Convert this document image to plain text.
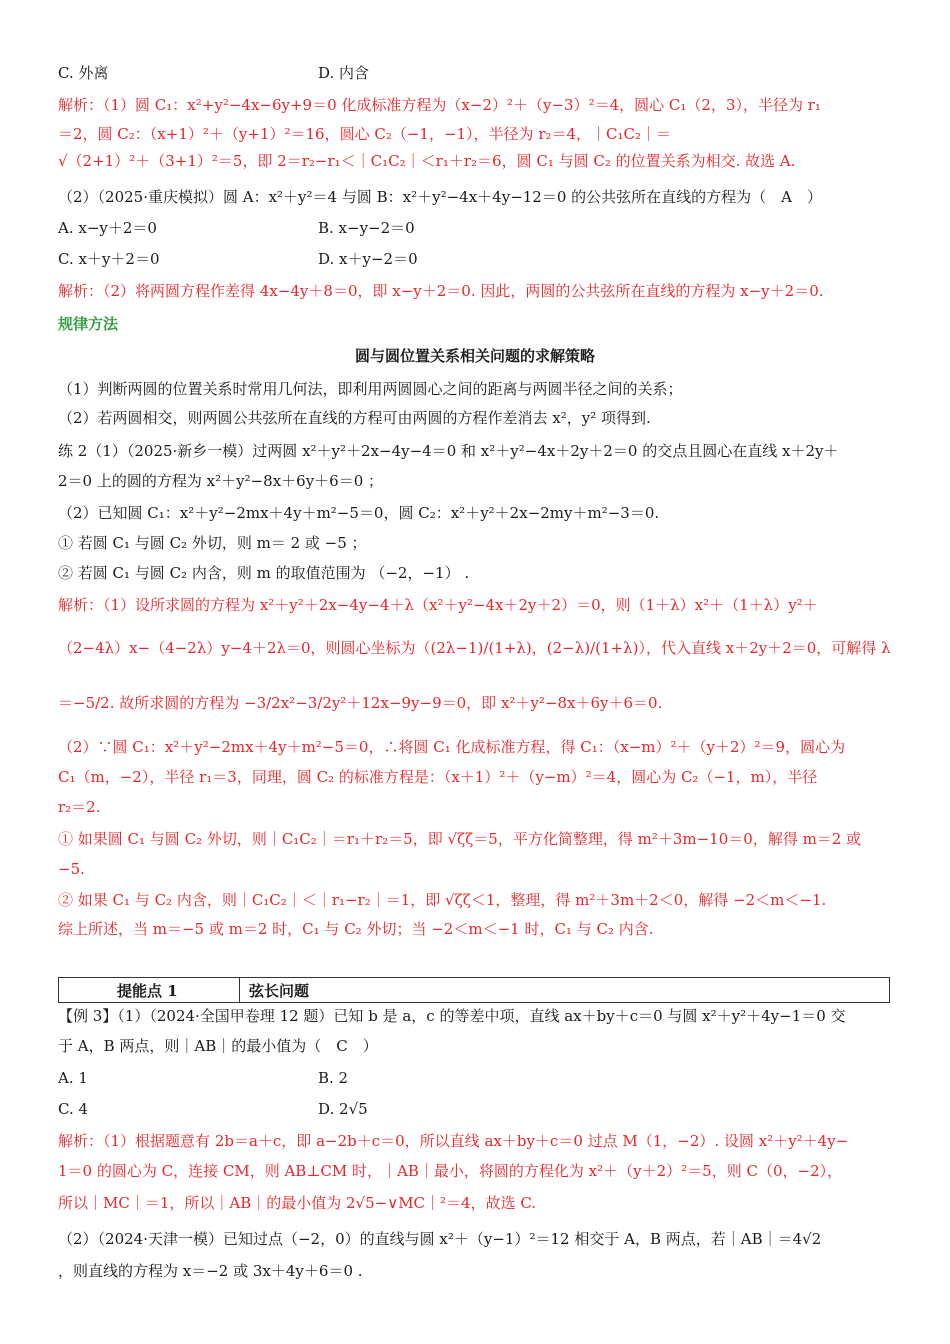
C. 外离	D. 内含
解析：（1）圆 C₁：x²+y²−4x−6y+9＝0 化成标准方程为（x−2）²＋（y−3）²＝4，圆心 C₁（2，3），半径为 r₁
＝2，圆 C₂：（x+1）²＋（y+1）²＝16，圆心 C₂（−1，−1），半径为 r₂＝4，｜C₁C₂｜＝
√（2+1）²＋（3+1）²＝5，即 2＝r₂−r₁＜｜C₁C₂｜＜r₁＋r₂＝6，圆 C₁ 与圆 C₂ 的位置关系为相交. 故选 A.
（2）（2025·重庆模拟）圆 A：x²＋y²＝4 与圆 B：x²＋y²−4x＋4y−12＝0 的公共弦所在直线的方程为（　A　）
A. x−y＋2＝0	B. x−y−2＝0
C. x＋y＋2＝0	D. x＋y−2＝0
解析：（2）将两圆方程作差得 4x−4y＋8＝0，即 x−y＋2＝0. 因此，两圆的公共弦所在直线的方程为 x−y＋2＝0.
规律方法
圆与圆位置关系相关问题的求解策略
（1）判断两圆的位置关系时常用几何法，即利用两圆圆心之间的距离与两圆半径之间的关系；
（2）若两圆相交，则两圆公共弦所在直线的方程可由两圆的方程作差消去 x²，y² 项得到.
练 2（1）（2025·新乡一模）过两圆 x²＋y²＋2x−4y−4＝0 和 x²＋y²−4x＋2y＋2＝0 的交点且圆心在直线 x＋2y＋
2＝0 上的圆的方程为 x²＋y²−8x＋6y＋6＝0 ；
（2）已知圆 C₁：x²＋y²−2mx＋4y＋m²−5＝0，圆 C₂：x²＋y²＋2x−2my＋m²−3＝0.
① 若圆 C₁ 与圆 C₂ 外切，则 m＝ 2 或 −5 ；
② 若圆 C₁ 与圆 C₂ 内含，则 m 的取值范围为 （−2，−1） .
解析：（1）设所求圆的方程为 x²＋y²＋2x−4y−4＋λ（x²＋y²−4x＋2y＋2）＝0，则（1＋λ）x²＋（1＋λ）y²＋
（2−4λ）x−（4−2λ）y−4＋2λ＝0，则圆心坐标为（(2λ−1)/(1+λ)，(2−λ)/(1+λ)），代入直线 x＋2y＋2＝0，可解得 λ
＝−5/2. 故所求圆的方程为 −3/2x²−3/2y²＋12x−9y−9＝0，即 x²＋y²−8x＋6y＋6＝0.
（2）∵圆 C₁：x²＋y²−2mx＋4y＋m²−5＝0，∴将圆 C₁ 化成标准方程，得 C₁：（x−m）²＋（y＋2）²＝9，圆心为
C₁（m，−2），半径 r₁＝3，同理，圆 C₂ 的标准方程是：（x＋1）²＋（y−m）²＝4，圆心为 C₂（−1，m），半径
r₂＝2.
① 如果圆 C₁ 与圆 C₂ 外切，则｜C₁C₂｜＝r₁＋r₂＝5，即 √ζζ＝5，平方化简整理，得 m²＋3m−10＝0，解得 m＝2 或
−5.
② 如果 C₁ 与 C₂ 内含，则｜C₁C₂｜＜｜r₁−r₂｜＝1，即 √ζζ＜1，整理，得 m²＋3m＋2＜0，解得 −2＜m＜−1.
综上所述，当 m＝−5 或 m＝2 时，C₁ 与 C₂ 外切；当 −2＜m＜−1 时，C₁ 与 C₂ 内含.
【例 3】（1）（2024·全国甲卷理 12 题）已知 b 是 a，c 的等差中项，直线 ax＋by＋c＝0 与圆 x²＋y²＋4y−1＝0 交
于 A，B 两点，则｜AB｜的最小值为（　C　）
A. 1	B. 2
C. 4	D. 2√5
解析：（1）根据题意有 2b＝a＋c，即 a−2b＋c＝0，所以直线 ax＋by＋c＝0 过点 M（1，−2）. 设圆 x²＋y²＋4y−
1＝0 的圆心为 C，连接 CM，则 AB⊥CM 时，｜AB｜最小，将圆的方程化为 x²＋（y＋2）²＝5，则 C（0，−2），
所以｜MC｜＝1，所以｜AB｜的最小值为 2√5−∨MC｜²＝4，故选 C.
（2）（2024·天津一模）已知过点（−2，0）的直线与圆 x²＋（y−1）²＝12 相交于 A，B 两点，若｜AB｜＝4√2
，则直线的方程为 x＝−2 或 3x＋4y＋6＝0 .
提能点 1	弦长问题
